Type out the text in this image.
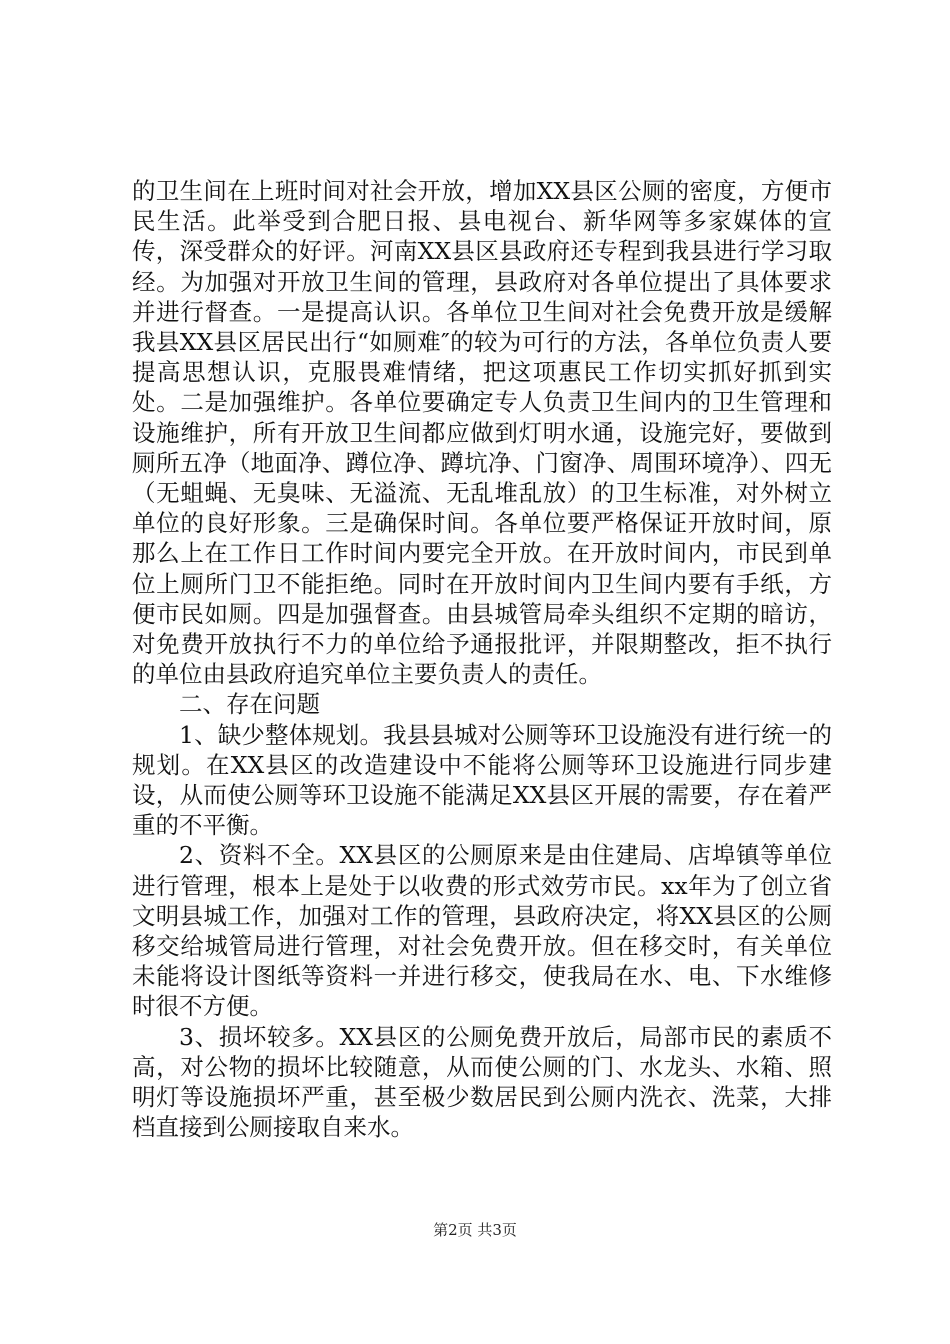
的卫生间在上班时间对社会开放，增加XX县区公厕的密度，方便市民生活。此举受到合肥日报、县电视台、新华网等多家媒体的宣传，深受群众的好评。河南XX县区县政府还专程到我县进行学习取经。为加强对开放卫生间的管理，县政府对各单位提出了具体要求并进行督查。一是提高认识。各单位卫生间对社会免费开放是缓解我县XX县区居民出行“如厕难″的较为可行的方法，各单位负责人要提高思想认识，克服畏难情绪，把这项惠民工作切实抓好抓到实处。二是加强维护。各单位要确定专人负责卫生间内的卫生管理和设施维护，所有开放卫生间都应做到灯明水通，设施完好，要做到厕所五净（地面净、蹲位净、蹲坑净、门窗净、周围环境净）、四无（无蛆蝇、无臭味、无溢流、无乱堆乱放）的卫生标准，对外树立单位的良好形象。三是确保时间。各单位要严格保证开放时间，原那么上在工作日工作时间内要完全开放。在开放时间内，市民到单位上厕所门卫不能拒绝。同时在开放时间内卫生间内要有手纸，方便市民如厕。四是加强督查。由县城管局牵头组织不定期的暗访，对免费开放执行不力的单位给予通报批评，并限期整改，拒不执行的单位由县政府追究单位主要负责人的责任。

二、存在问题

1、缺少整体规划。我县县城对公厕等环卫设施没有进行统一的规划。在XX县区的改造建设中不能将公厕等环卫设施进行同步建设，从而使公厕等环卫设施不能满足XX县区开展的需要，存在着严重的不平衡。

2、资料不全。XX县区的公厕原来是由住建局、店埠镇等单位进行管理，根本上是处于以收费的形式效劳市民。xx年为了创立省文明县城工作，加强对工作的管理，县政府决定，将XX县区的公厕移交给城管局进行管理，对社会免费开放。但在移交时，有关单位未能将设计图纸等资料一并进行移交，使我局在水、电、下水维修时很不方便。

3、损坏较多。XX县区的公厕免费开放后，局部市民的素质不高，对公物的损坏比较随意，从而使公厕的门、水龙头、水箱、照明灯等设施损坏严重，甚至极少数居民到公厕内洗衣、洗菜，大排档直接到公厕接取自来水。

第2页 共3页
